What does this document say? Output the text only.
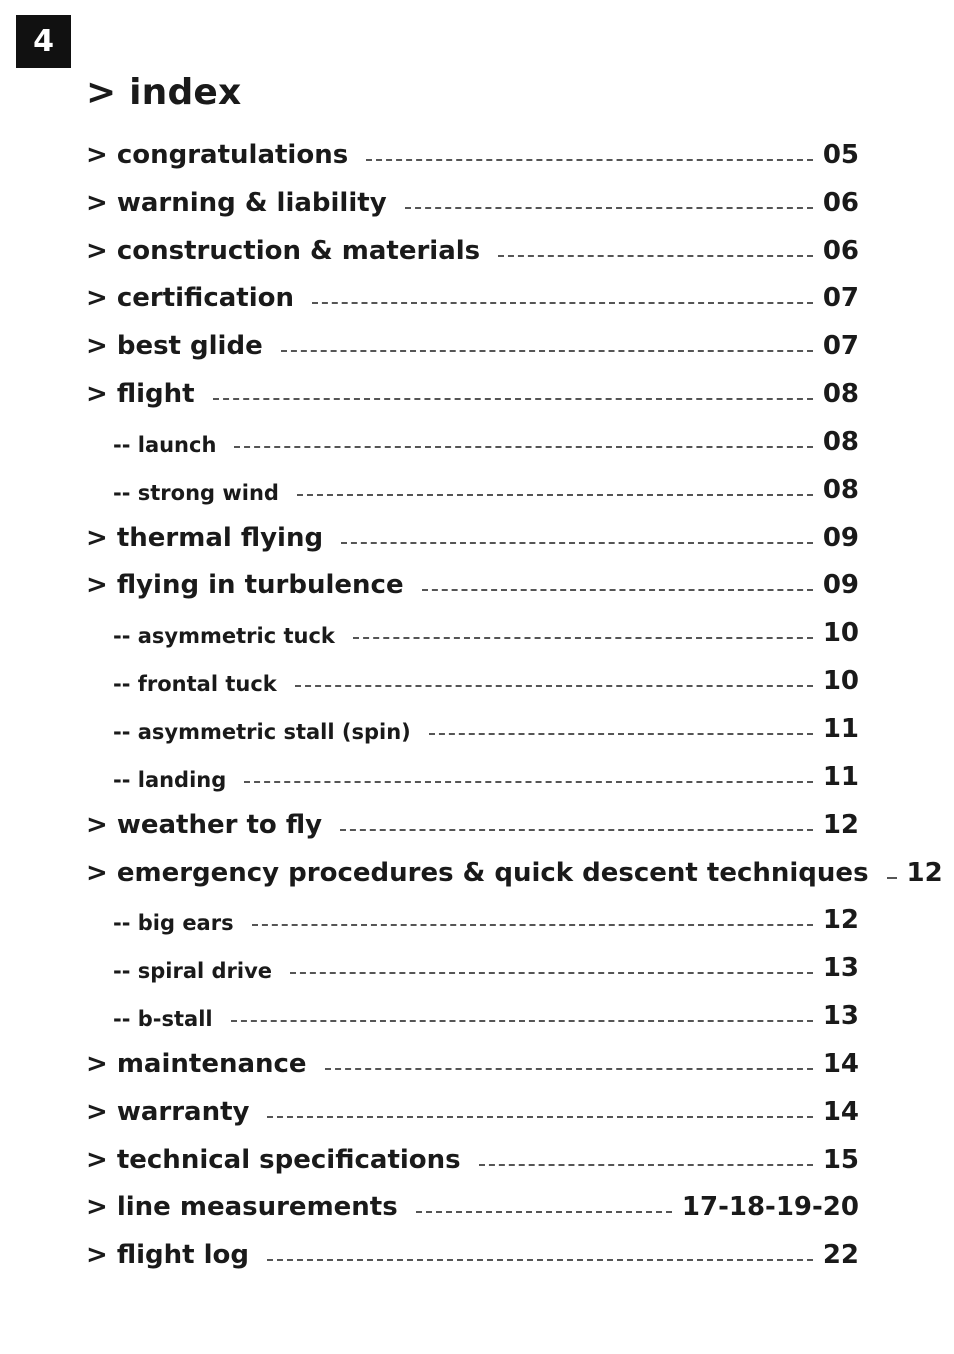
4
> index
> congratulations	05
> warning & liability	06
> construction & materials	06
> certification	07
> best glide	07
> flight	08
-- launch	08
-- strong wind	08
> thermal flying	09
> flying in turbulence	09
-- asymmetric tuck	10
-- frontal tuck	10
-- asymmetric stall (spin)	11
-- landing	11
> weather to fly	12
> emergency procedures & quick descent techniques 12
-- big ears	12
-- spiral drive	13
-- b-stall	13
> maintenance	14
> warranty	14
> technical specifications	15
> line measurements	17-18-19-20
> flight log	22
